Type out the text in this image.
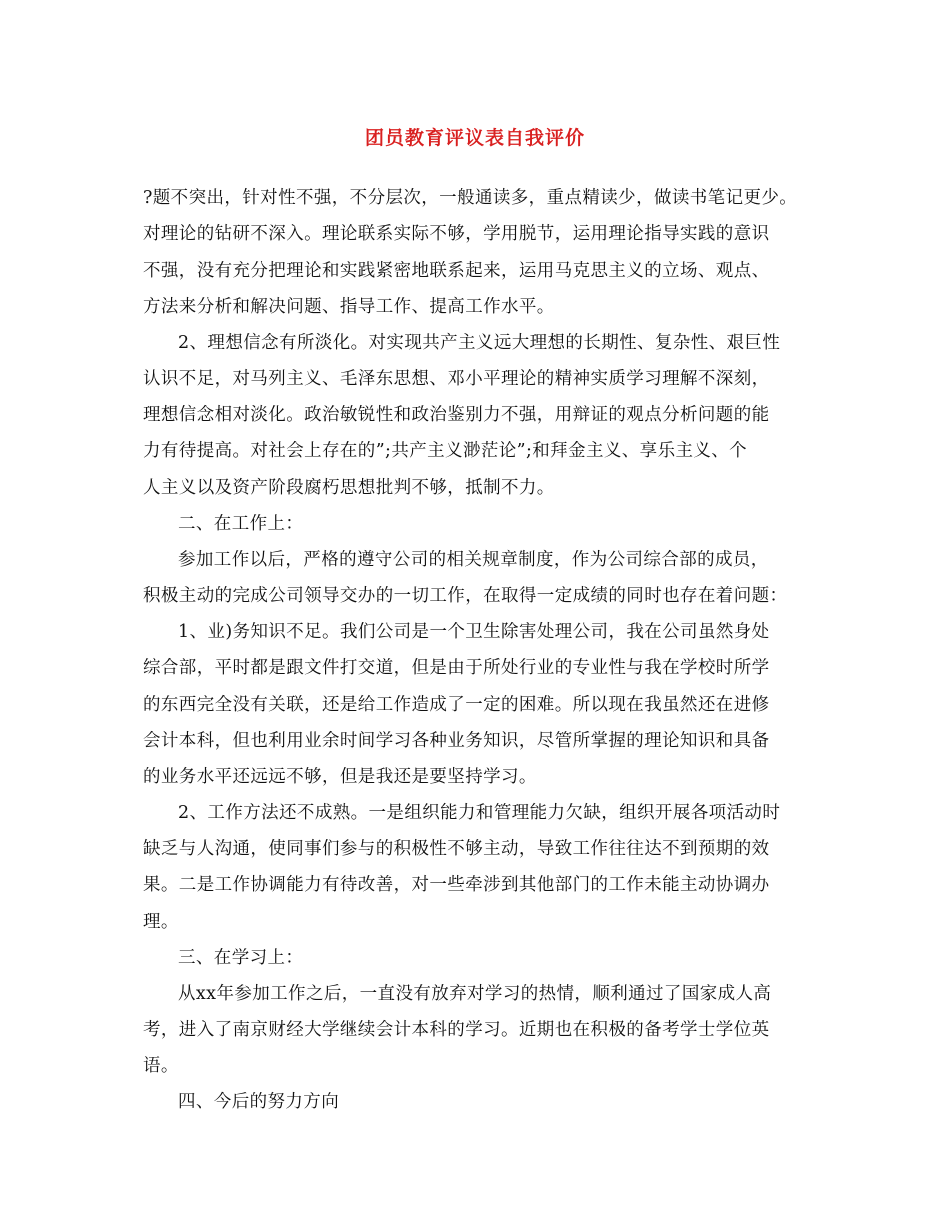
团员教育评议表自我评价
?题不突出，针对性不强，不分层次，一般通读多，重点精读少，做读书笔记更少。
对理论的钻研不深入。理论联系实际不够，学用脱节，运用理论指导实践的意识
不强，没有充分把理论和实践紧密地联系起来，运用马克思主义的立场、观点、
方法来分析和解决问题、指导工作、提高工作水平。
2、理想信念有所淡化。对实现共产主义远大理想的长期性、复杂性、艰巨性
认识不足，对马列主义、毛泽东思想、邓小平理论的精神实质学习理解不深刻，
理想信念相对淡化。政治敏锐性和政治鉴别力不强，用辩证的观点分析问题的能
力有待提高。对社会上存在的”;共产主义渺茫论”;和拜金主义、享乐主义、个
人主义以及资产阶段腐朽思想批判不够，抵制不力。
二、在工作上：
参加工作以后，严格的遵守公司的相关规章制度，作为公司综合部的成员，
积极主动的完成公司领导交办的一切工作，在取得一定成绩的同时也存在着问题：
1、业)务知识不足。我们公司是一个卫生除害处理公司，我在公司虽然身处
综合部，平时都是跟文件打交道，但是由于所处行业的专业性与我在学校时所学
的东西完全没有关联，还是给工作造成了一定的困难。所以现在我虽然还在进修
会计本科，但也利用业余时间学习各种业务知识，尽管所掌握的理论知识和具备
的业务水平还远远不够，但是我还是要坚持学习。
2、工作方法还不成熟。一是组织能力和管理能力欠缺，组织开展各项活动时
缺乏与人沟通，使同事们参与的积极性不够主动，导致工作往往达不到预期的效
果。二是工作协调能力有待改善，对一些牵涉到其他部门的工作未能主动协调办
理。
三、在学习上：
从xx年参加工作之后，一直没有放弃对学习的热情，顺利通过了国家成人高
考，进入了南京财经大学继续会计本科的学习。近期也在积极的备考学士学位英
语。
四、今后的努力方向
